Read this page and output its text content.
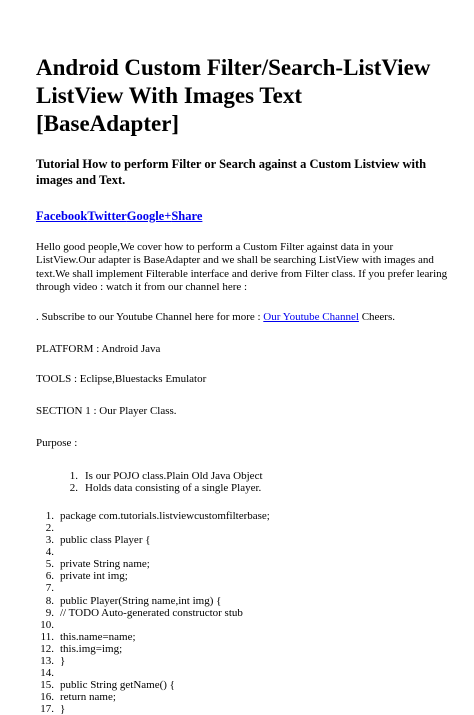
Android Custom Filter/Search-ListView
ListView With Images Text [BaseAdapter]
Tutorial How to perform Filter or Search against a Custom Listview with images and Text.
FacebookTwitterGoogle+Share

Hello good people,We cover how to perform a Custom Filter against data in your ListView.Our adapter is BaseAdapter and we shall be searching ListView with images and text.We shall implement Filterable interface and derive from Filter class. If you prefer learing through video : watch it from our channel here :

. Subscribe to our Youtube Channel here for more : Our Youtube Channel Cheers.

PLATFORM : Android Java

TOOLS : Eclipse,Bluestacks Emulator

SECTION 1 : Our Player Class.

Purpose :

1. Is our POJO class.Plain Old Java Object
2. Holds data consisting of a single Player.
1. package com.tutorials.listviewcustomfilterbase;
2.
3. public class Player {
4.
5. private String name;
6. private int img;
7.
8. public Player(String name,int img) {
9. // TODO Auto-generated constructor stub
10.
11. this.name=name;
12. this.img=img;
13. }
14.
15. public String getName() {
16. return name;
17. }
